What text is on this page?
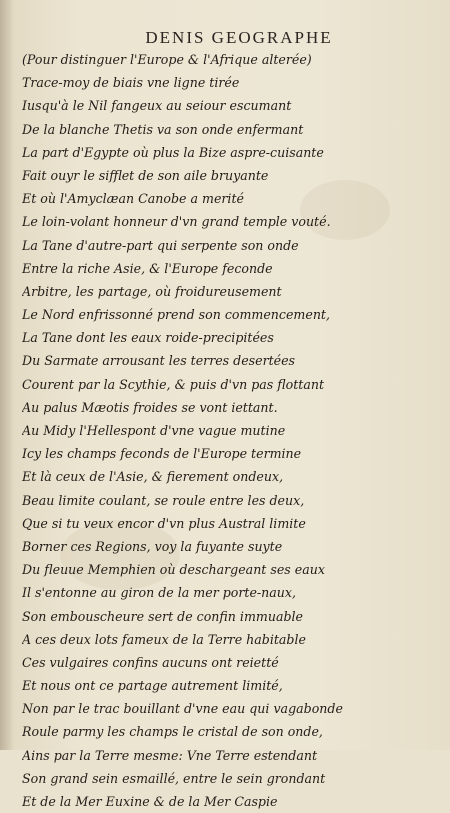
DENIS GEOGRAPHE
(Pour distinguer l'Europe & l'Afrique alterée)
Trace-moy de biais vne ligne tirée
Iusqu'à le Nil fangeux au seiour escumant
De la blanche Thetis va son onde enfermant
La part d'Egypte où plus la Bize aspre-cuisante
Fait ouyr le sifflet de son aile bruyante
Et où l'Amyclæan Canobe a merité
Le loin-volant honneur d'vn grand temple vouté.
La Tane d'autre-part qui serpente son onde
Entre la riche Asie, & l'Europe feconde
Arbitre, les partage, où froidureusement
Le Nord enfrissonné prend son commencement,
La Tane dont les eaux roide-precipitées
Du Sarmate arrousant les terres desertées
Courent par la Scythie, & puis d'vn pas flottant
Au palus Mæotis froides se vont iettant.
Au Midy l'Hellespont d'vne vague mutine
Icy les champs feconds de l'Europe termine
Et là ceux de l'Asie, & fierement ondeux,
Beau limite coulant, se roule entre les deux,
Que si tu veux encor d'vn plus Austral limite
Borner ces Regions, voy la fuyante suyte
Du fleuue Memphien où deschargeant ses eaux
Il s'entonne au giron de la mer porte-naux,
Son embouscheure sert de confin immuable
A ces deux lots fameux de la Terre habitable
Ces vulgaires confins aucuns ont reietté
Et nous ont ce partage autrement limité,
Non par le trac bouillant d'vne eau qui vagabonde
Roule parmy les champs le cristal de son onde,
Ains par la Terre mesme: Vne Terre estendant
Son grand sein esmaillé, entre le sein grondant
Et de la Mer Euxine & de la Mer Caspie
